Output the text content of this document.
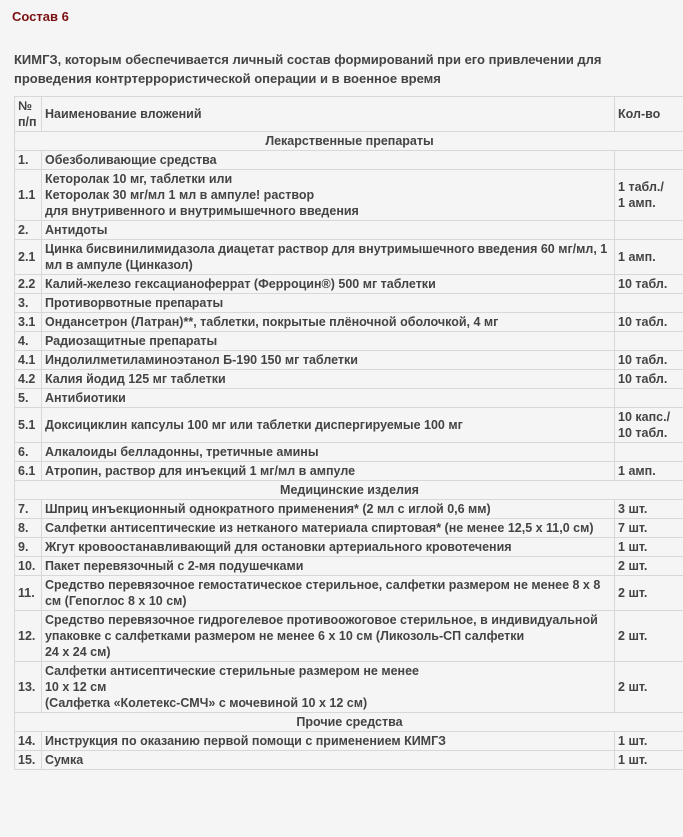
Состав 6
КИМГЗ, которым обеспечивается личный состав формирований при его привлечении для проведения контртеррористической операции и в военное время
№
п/п	Наименование вложений	Кол-во
Лекарственные препараты		
1.	Обезболивающие средства	
1.1	Кеторолак 10 мг, таблетки или
Кеторолак 30 мг/мл 1 мл в ампуле! раствор
для внутривенного и внутримышечного введения	1 табл./
1 амп.
2.	Антидоты	
2.1	Цинка бисвинилимидазола диацетат раствор для внутримышечного введения 60 мг/мл, 1 мл в ампуле (Цинказол)	1 амп.
2.2	Калий-железо гексацианоферрат (Ферроцин®) 500 мг таблетки	10 табл.
3.	Противорвотные препараты	
3.1	Ондансетрон (Латран)**, таблетки, покрытые плёночной оболочкой, 4 мг	10 табл.
4.	Радиозащитные препараты	
4.1	Индолилметиламиноэтанол Б-190 150 мг таблетки	10 табл.
4.2	Калия йодид 125 мг таблетки	10 табл.
5.	Антибиотики	
5.1	Доксициклин капсулы 100 мг или таблетки диспергируемые 100 мг	10 капс./
10 табл.
6.	Алкалоиды белладонны, третичные амины	
6.1	Атропин, раствор для инъекций 1 мг/мл в ампуле	1 амп.
Медицинские изделия		
7.	Шприц инъекционный однократного применения* (2 мл с иглой 0,6 мм)	3 шт.
8.	Салфетки антисептические из нетканого материала спиртовая* (не менее 12,5 х 11,0 см)	7 шт.
9.	Жгут кровоостанавливающий для остановки артериального кровотечения	1 шт.
10.	Пакет перевязочный с 2-мя подушечками	2 шт.
11.	Средство перевязочное гемостатическое стерильное, салфетки размером не менее 8 х 8 см (Гепоглос 8 х 10 см)	2 шт.
12.	Средство перевязочное гидрогелевое противоожоговое стерильное, в индивидуальной упаковке с салфетками размером не менее 6 х 10 см (Ликозоль-СП салфетки
24 х 24 см)	2 шт.
13.	Салфетки антисептические стерильные размером не менее
10 х 12 см
(Салфетка «Колетекс-СМЧ» с мочевиной 10 х 12 см)	2 шт.
Прочие средства		
14.	Инструкция по оказанию первой помощи с применением КИМГЗ	1 шт.
15.	Сумка	1 шт.
